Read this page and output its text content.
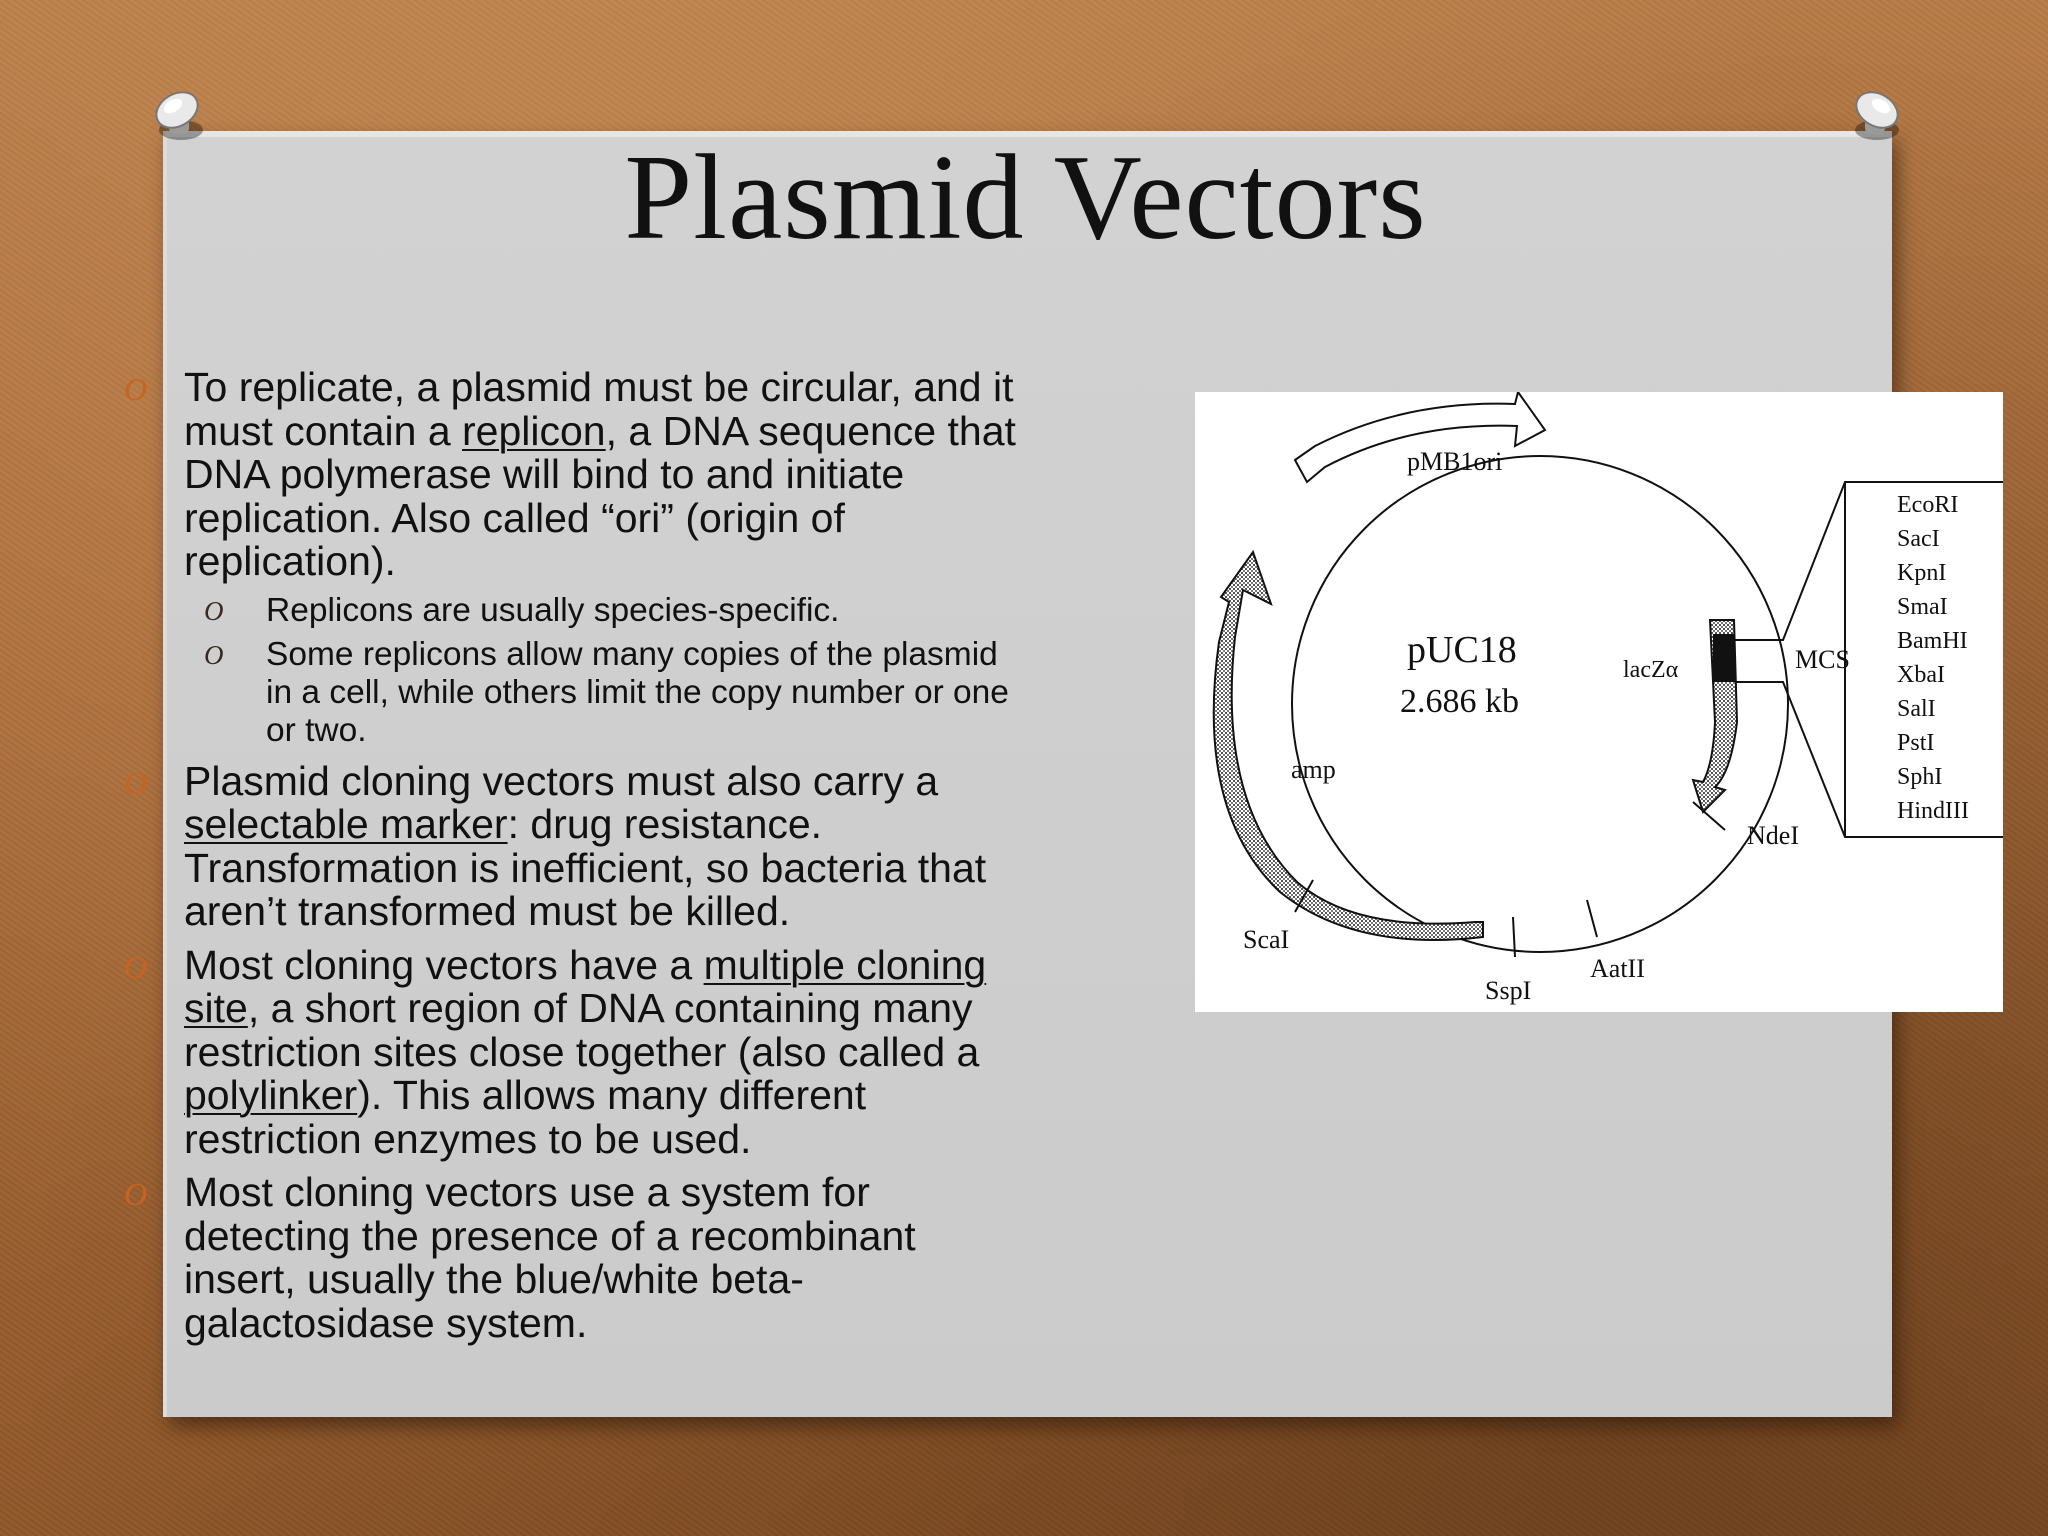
Plasmid Vectors
O To replicate, a plasmid must be circular, and it must contain a replicon, a DNA sequence that DNA polymerase will bind to and initiate replication. Also called “ori” (origin of replication).
O Replicons are usually species-specific.
O Some replicons allow many copies of the plasmid in a cell, while others limit the copy number or one or two.
O Plasmid cloning vectors must also carry a selectable marker: drug resistance. Transformation is inefficient, so bacteria that aren’t transformed must be killed.
O Most cloning vectors have a multiple cloning site, a short region of DNA containing many restriction sites close together (also called a polylinker). This allows many different restriction enzymes to be used.
O Most cloning vectors use a system for detecting the presence of a recombinant insert, usually the blue/white beta-galactosidase system.
pMB1ori
pUC18
2.686 kb
lacZα
amp
MCS
NdeI
AatII
SspI
ScaI
EcoRI
SacI
KpnI
SmaI
BamHI
XbaI
SalI
PstI
SphI
HindIII
